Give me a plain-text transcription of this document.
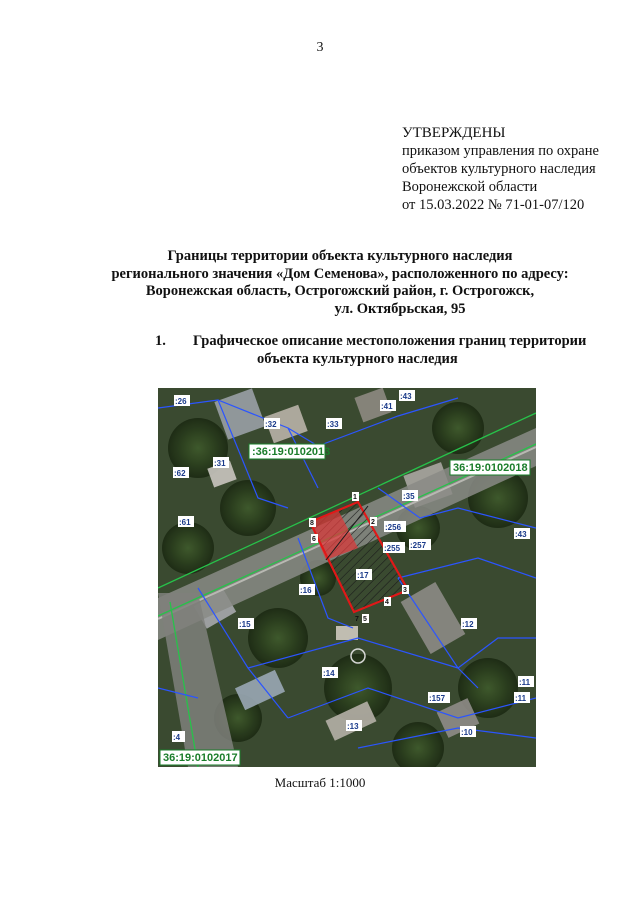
3
УТВЕРЖДЕНЫ
приказом управления по охране
объектов культурного наследия
Воронежской области
от 15.03.2022 № 71-01-07/120
Границы территории объекта культурного наследия
регионального значения «Дом Семенова», расположенного по адресу:
Воронежская область, Острогожский район, г. Острогожск,
ул. Октябрьская, 95
1. Графическое описание местоположения границ территории
объекта культурного наследия
:36:19:0102013
36:19:0102018
36:19:0102017
:26
:43
:41
:32	:33
:31
:62
:35
:61
:256
:257
:43
:255
:17
:16
:15	:12
:14
:11
:157	:11
:13
:10
:4
1
2
3
4
5
7
8
6
Масштаб 1:1000
